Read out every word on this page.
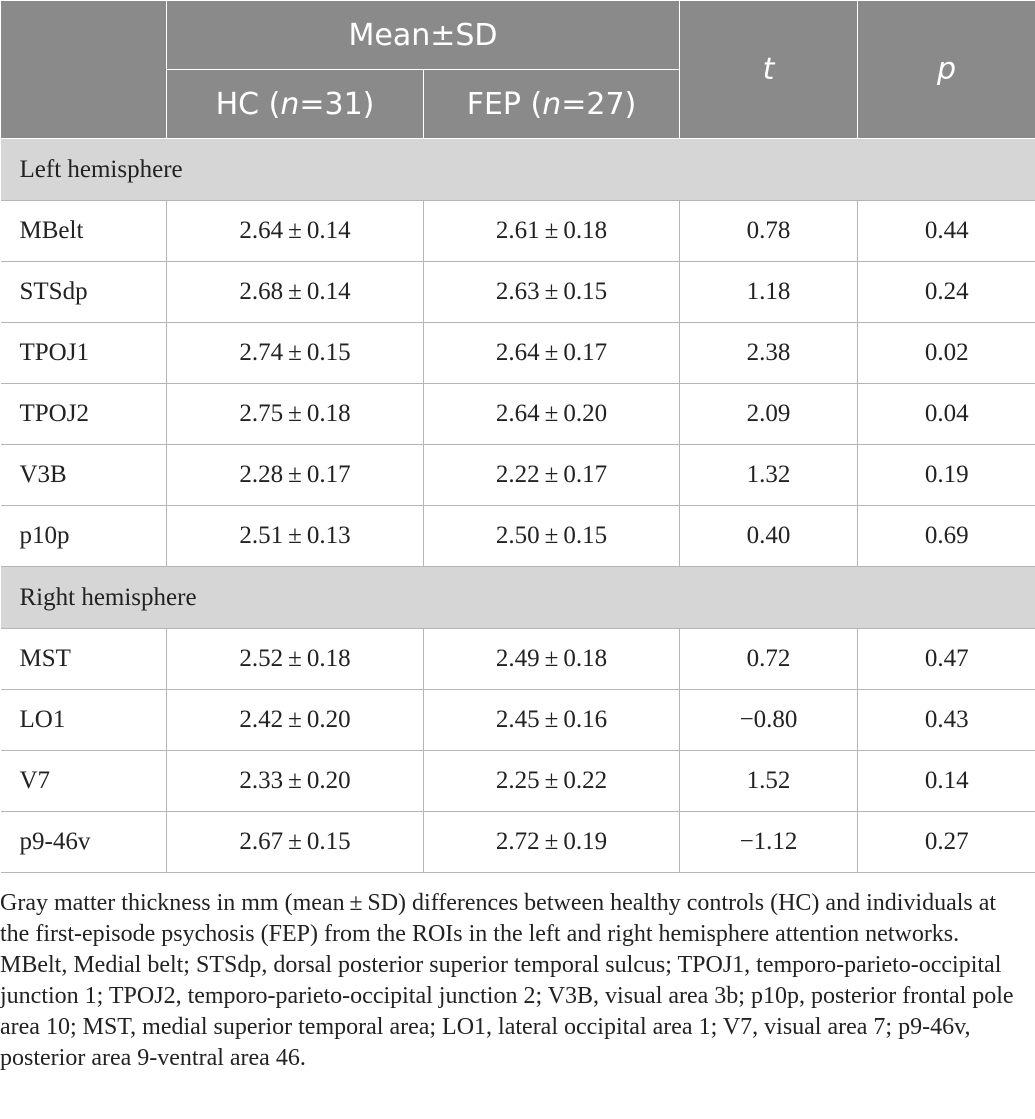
	Mean±SD		t	p
	HC (n=31)	FEP (n=27)		
Left hemisphere				
MBelt	2.64 ± 0.14	2.61 ± 0.18	0.78	0.44
STSdp	2.68 ± 0.14	2.63 ± 0.15	1.18	0.24
TPOJ1	2.74 ± 0.15	2.64 ± 0.17	2.38	0.02
TPOJ2	2.75 ± 0.18	2.64 ± 0.20	2.09	0.04
V3B	2.28 ± 0.17	2.22 ± 0.17	1.32	0.19
p10p	2.51 ± 0.13	2.50 ± 0.15	0.40	0.69
Right hemisphere				
MST	2.52 ± 0.18	2.49 ± 0.18	0.72	0.47
LO1	2.42 ± 0.20	2.45 ± 0.16	−0.80	0.43
V7	2.33 ± 0.20	2.25 ± 0.22	1.52	0.14
p9-46v	2.67 ± 0.15	2.72 ± 0.19	−1.12	0.27

Gray matter thickness in mm (mean ± SD) differences between healthy controls (HC) and individuals at the first-episode psychosis (FEP) from the ROIs in the left and right hemisphere attention networks. MBelt, Medial belt; STSdp, dorsal posterior superior temporal sulcus; TPOJ1, temporo-parieto-occipital junction 1; TPOJ2, temporo-parieto-occipital junction 2; V3B, visual area 3b; p10p, posterior frontal pole area 10; MST, medial superior temporal area; LO1, lateral occipital area 1; V7, visual area 7; p9-46v, posterior area 9-ventral area 46.
